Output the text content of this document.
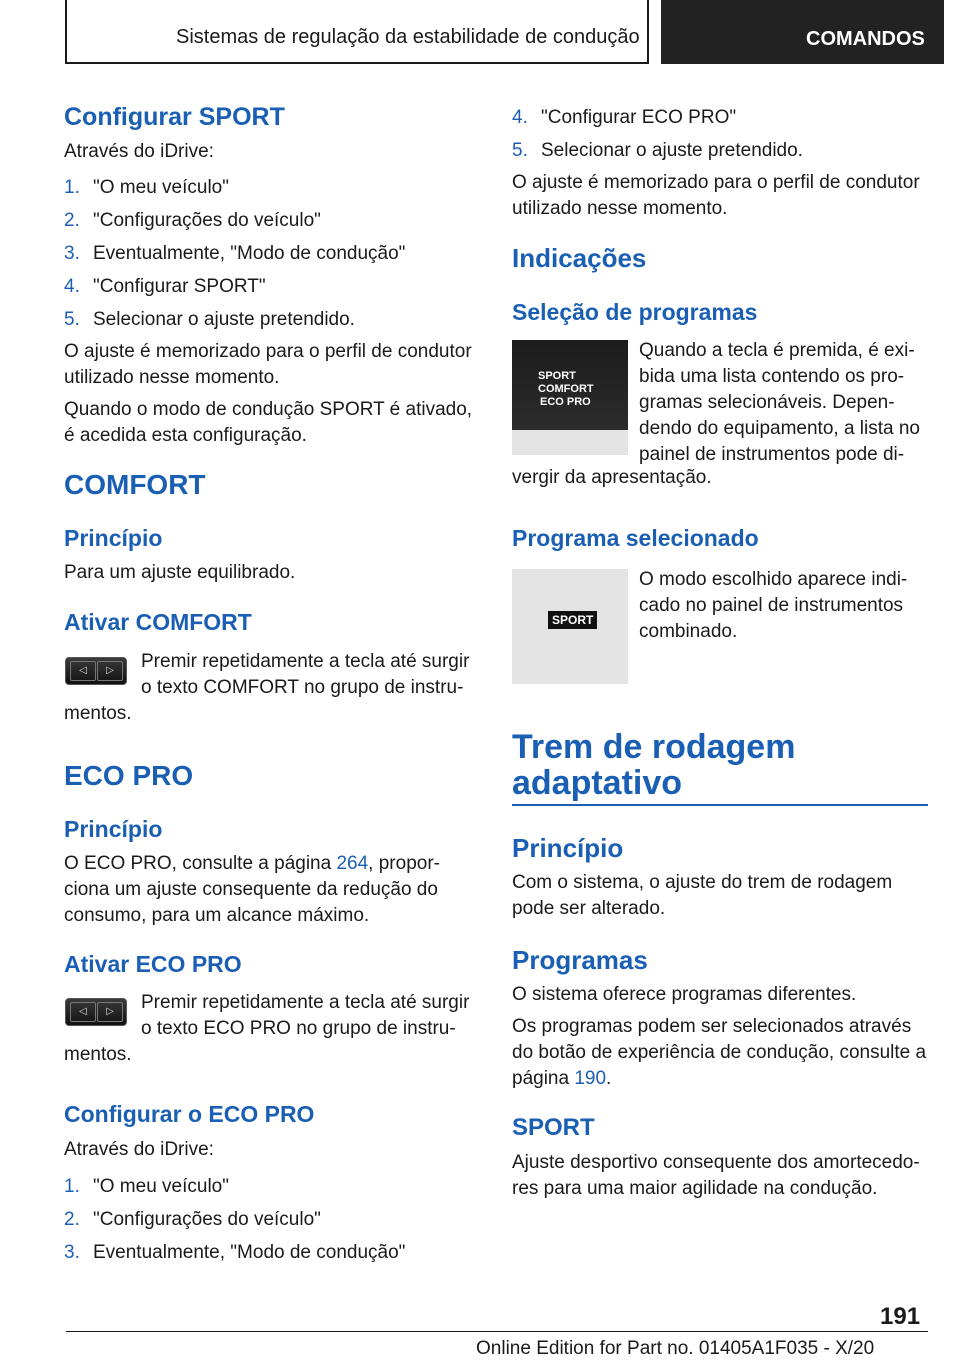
Sistemas de regulação da estabilidade de condução	COMANDOS
Configurar SPORT
Através do iDrive:
1. "O meu veículo"
2. "Configurações do veículo"
3. Eventualmente, "Modo de condução"
4. "Configurar SPORT"
5. Selecionar o ajuste pretendido.
O ajuste é memorizado para o perfil de condutor
utilizado nesse momento.
Quando o modo de condução SPORT é ativado,
é acedida esta configuração.
COMFORT
Princípio
Para um ajuste equilibrado.
Ativar COMFORT
◁	▷	Premir repetidamente a tecla até surgir
o texto COMFORT no grupo de instru-
mentos.
ECO PRO
Princípio
O ECO PRO, consulte a página 264, propor-
ciona um ajuste consequente da redução do
consumo, para um alcance máximo.
Ativar ECO PRO
◁	▷	Premir repetidamente a tecla até surgir
o texto ECO PRO no grupo de instru-
mentos.
Configurar o ECO PRO
Através do iDrive:
1. "O meu veículo"
2. "Configurações do veículo"
3. Eventualmente, "Modo de condução"
4. "Configurar ECO PRO"
5. Selecionar o ajuste pretendido.
O ajuste é memorizado para o perfil de condutor
utilizado nesse momento.
Indicações
Seleção de programas
SPORT
COMFORT
ECO PRO
Quando a tecla é premida, é exi-
bida uma lista contendo os pro-
gramas selecionáveis. Depen-
dendo do equipamento, a lista no
painel de instrumentos pode di-
vergir da apresentação.
Programa selecionado
SPORT
O modo escolhido aparece indi-
cado no painel de instrumentos
combinado.
Trem de rodagem
adaptativo
Princípio
Com o sistema, o ajuste do trem de rodagem
pode ser alterado.
Programas
O sistema oferece programas diferentes.
Os programas podem ser selecionados através
do botão de experiência de condução, consulte a
página 190.
SPORT
Ajuste desportivo consequente dos amortecedo-
res para uma maior agilidade na condução.
191
Online Edition for Part no. 01405A1F035 - X/20
